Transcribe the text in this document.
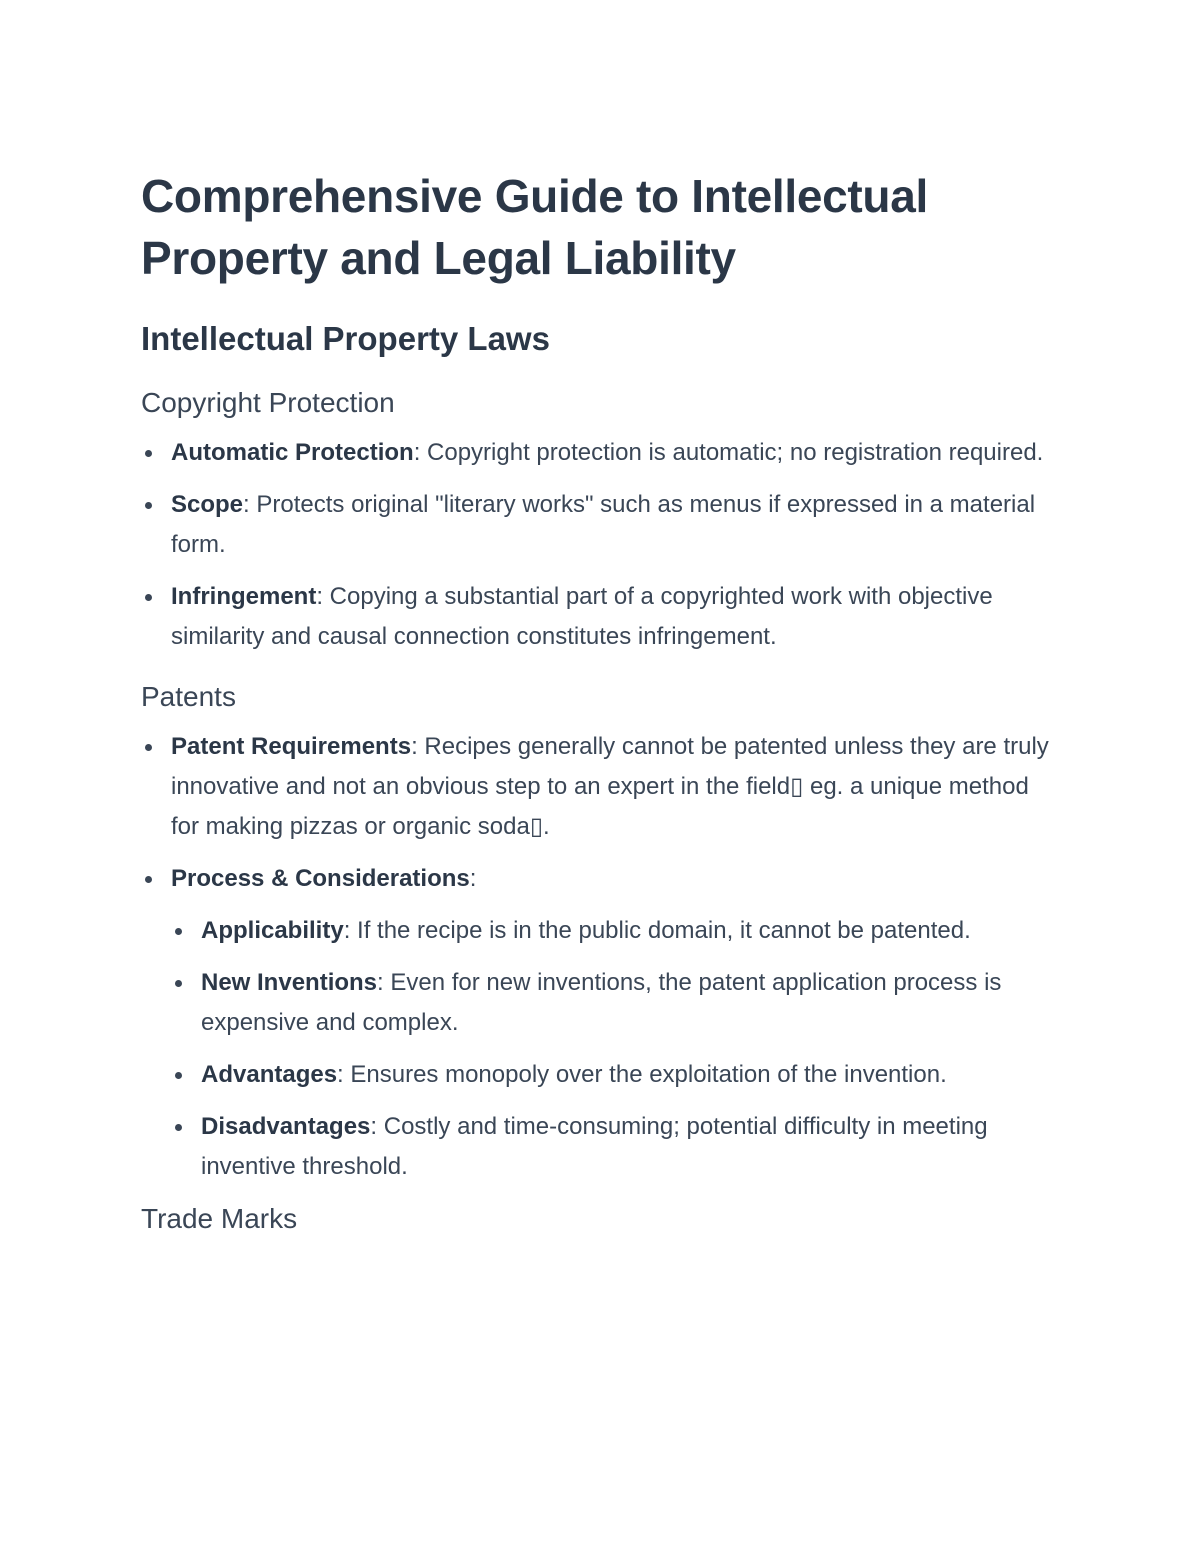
Comprehensive Guide to Intellectual Property and Legal Liability
Intellectual Property Laws
Copyright Protection
Automatic Protection: Copyright protection is automatic; no registration required.
Scope: Protects original "literary works" such as menus if expressed in a material form.
Infringement: Copying a substantial part of a copyrighted work with objective similarity and causal connection constitutes infringement.
Patents
Patent Requirements: Recipes generally cannot be patented unless they are truly innovative and not an obvious step to an expert in the field▯ eg. a unique method for making pizzas or organic soda▯.
Process & Considerations:
Applicability: If the recipe is in the public domain, it cannot be patented.
New Inventions: Even for new inventions, the patent application process is expensive and complex.
Advantages: Ensures monopoly over the exploitation of the invention.
Disadvantages: Costly and time-consuming; potential difficulty in meeting inventive threshold.
Trade Marks
